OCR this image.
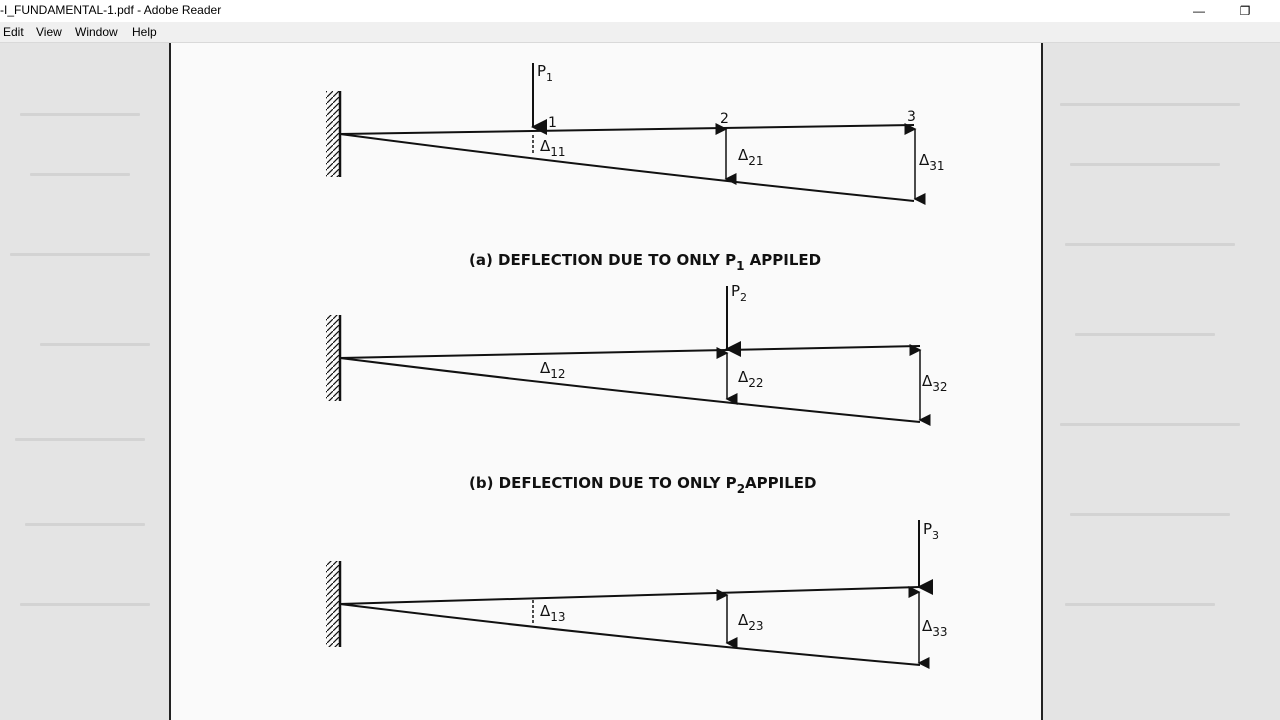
-I_FUNDAMENTAL-1.pdf - Adobe Reader	—	❐
Edit View Window Help
$P_1$
1	2	3
$\Delta_{11}$	$\Delta_{21}$	$\Delta_{31}$
(a) DEFLECTION DUE TO ONLY $P_1$ APPILED
$P_2$
$\Delta_{12}$	$\Delta_{22}$	$\Delta_{32}$
(b) DEFLECTION DUE TO ONLY $P_2APPILED$
$P_3$
$\Delta_{13}$	$\Delta_{23}$	$\Delta_{33}$
